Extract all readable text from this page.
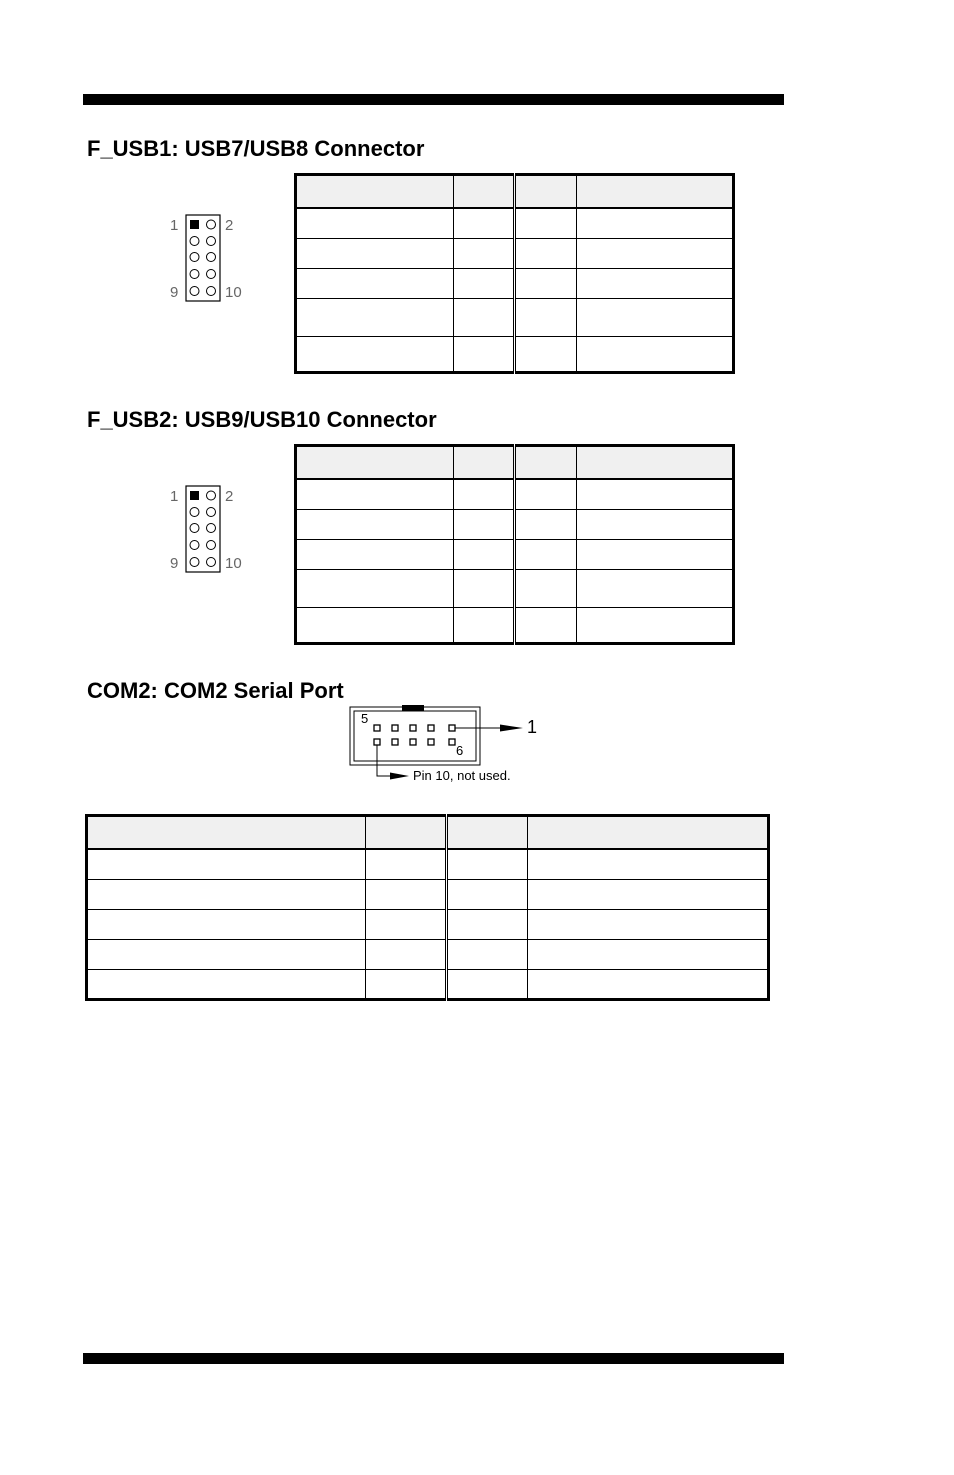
F_USB1: USB7/USB8 Connector
1	2
9	10

F_USB2: USB9/USB10 Connector
1	2
9	10

COM2: COM2 Serial Port
5
6
1
Pin 10, not used.
